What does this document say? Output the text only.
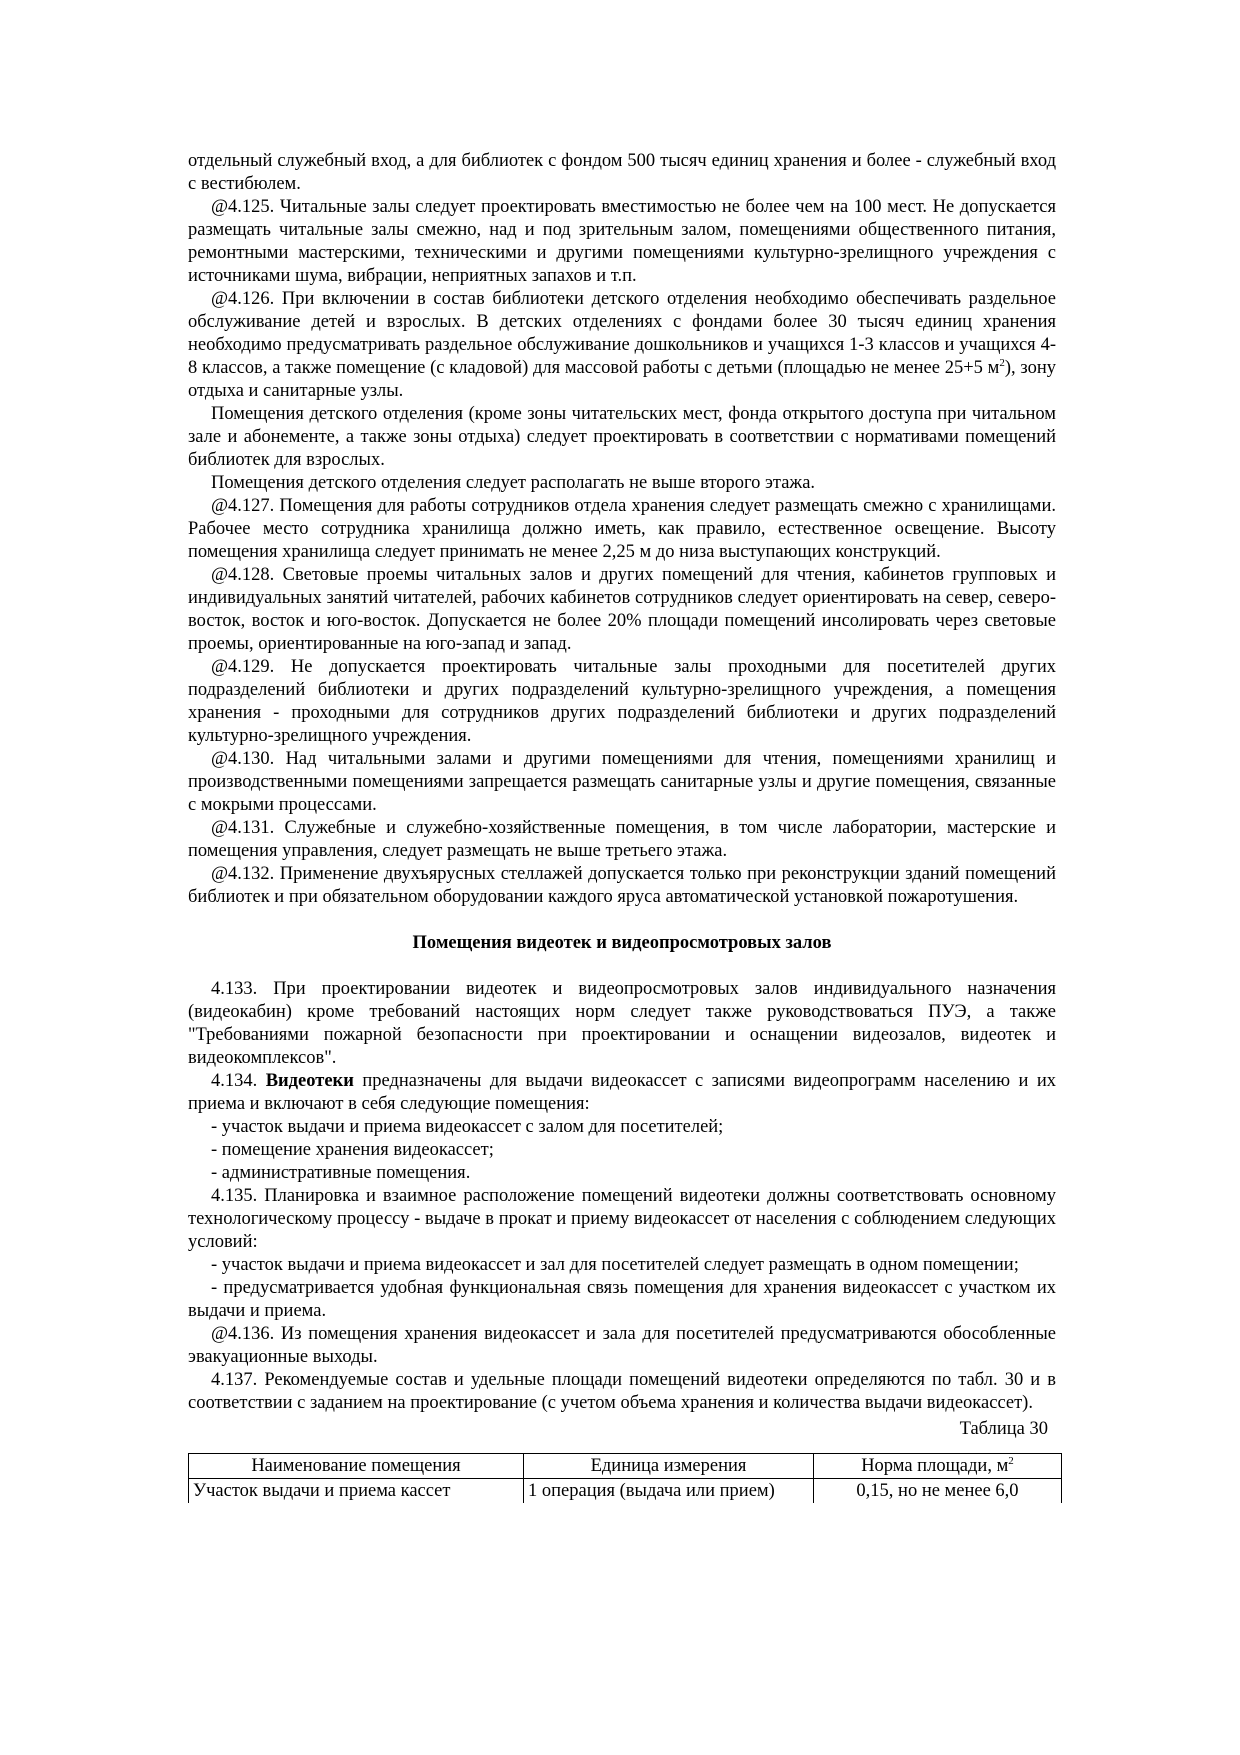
отдельный служебный вход, а для библиотек с фондом 500 тысяч единиц хранения и более - служебный вход с вестибюлем.

@4.125. Читальные залы следует проектировать вместимостью не более чем на 100 мест. Не допускается размещать читальные залы смежно, над и под зрительным залом, помещениями общественного питания, ремонтными мастерскими, техническими и другими помещениями культурно-зрелищного учреждения с источниками шума, вибрации, неприятных запахов и т.п.

@4.126. При включении в состав библиотеки детского отделения необходимо обеспечивать раздельное обслуживание детей и взрослых. В детских отделениях с фондами более 30 тысяч единиц хранения необходимо предусматривать раздельное обслуживание дошкольников и учащихся 1-3 классов и учащихся 4-8 классов, а также помещение (с кладовой) для массовой работы с детьми (площадью не менее 25+5 $м^2$), зону отдыха и санитарные узлы.

Помещения детского отделения (кроме зоны читательских мест, фонда открытого доступа при читальном зале и абонементе, а также зоны отдыха) следует проектировать в соответствии с нормативами помещений библиотек для взрослых.

Помещения детского отделения следует располагать не выше второго этажа.

@4.127. Помещения для работы сотрудников отдела хранения следует размещать смежно с хранилищами. Рабочее место сотрудника хранилища должно иметь, как правило, естественное освещение. Высоту помещения хранилища следует принимать не менее 2,25 м до низа выступающих конструкций.

@4.128. Световые проемы читальных залов и других помещений для чтения, кабинетов групповых и индивидуальных занятий читателей, рабочих кабинетов сотрудников следует ориентировать на север, северо-восток, восток и юго-восток. Допускается не более 20% площади помещений инсолировать через световые проемы, ориентированные на юго-запад и запад.

@4.129. Не допускается проектировать читальные залы проходными для посетителей других подразделений библиотеки и других подразделений культурно-зрелищного учреждения, а помещения хранения - проходными для сотрудников других подразделений библиотеки и других подразделений культурно-зрелищного учреждения.

@4.130. Над читальными залами и другими помещениями для чтения, помещениями хранилищ и производственными помещениями запрещается размещать санитарные узлы и другие помещения, связанные с мокрыми процессами.

@4.131. Служебные и служебно-хозяйственные помещения, в том числе лаборатории, мастерские и помещения управления, следует размещать не выше третьего этажа.

@4.132. Применение двухъярусных стеллажей допускается только при реконструкции зданий помещений библиотек и при обязательном оборудовании каждого яруса автоматической установкой пожаротушения.

Помещения видеотек и видеопросмотровых залов

4.133. При проектировании видеотек и видеопросмотровых залов индивидуального назначения (видеокабин) кроме требований настоящих норм следует также руководствоваться ПУЭ, а также "Требованиями пожарной безопасности при проектировании и оснащении видеозалов, видеотек и видеокомплексов".

4.134. Видеотеки предназначены для выдачи видеокассет с записями видеопрограмм населению и их приема и включают в себя следующие помещения:

- участок выдачи и приема видеокассет с залом для посетителей;

- помещение хранения видеокассет;

- административные помещения.

4.135. Планировка и взаимное расположение помещений видеотеки должны соответствовать основному технологическому процессу - выдаче в прокат и приему видеокассет от населения с соблюдением следующих условий:

- участок выдачи и приема видеокассет и зал для посетителей следует размещать в одном помещении;

- предусматривается удобная функциональная связь помещения для хранения видеокассет с участком их выдачи и приема.

@4.136. Из помещения хранения видеокассет и зала для посетителей предусматриваются обособленные эвакуационные выходы.

4.137. Рекомендуемые состав и удельные площади помещений видеотеки определяются по табл. 30 и в соответствии с заданием на проектирование (с учетом объема хранения и количества выдачи видеокассет).

Таблица 30

Наименование помещения	Единица измерения	Норма площади, $м^2$
Участок выдачи и приема кассет	1 операция (выдача или прием)	0,15, но не менее 6,0
